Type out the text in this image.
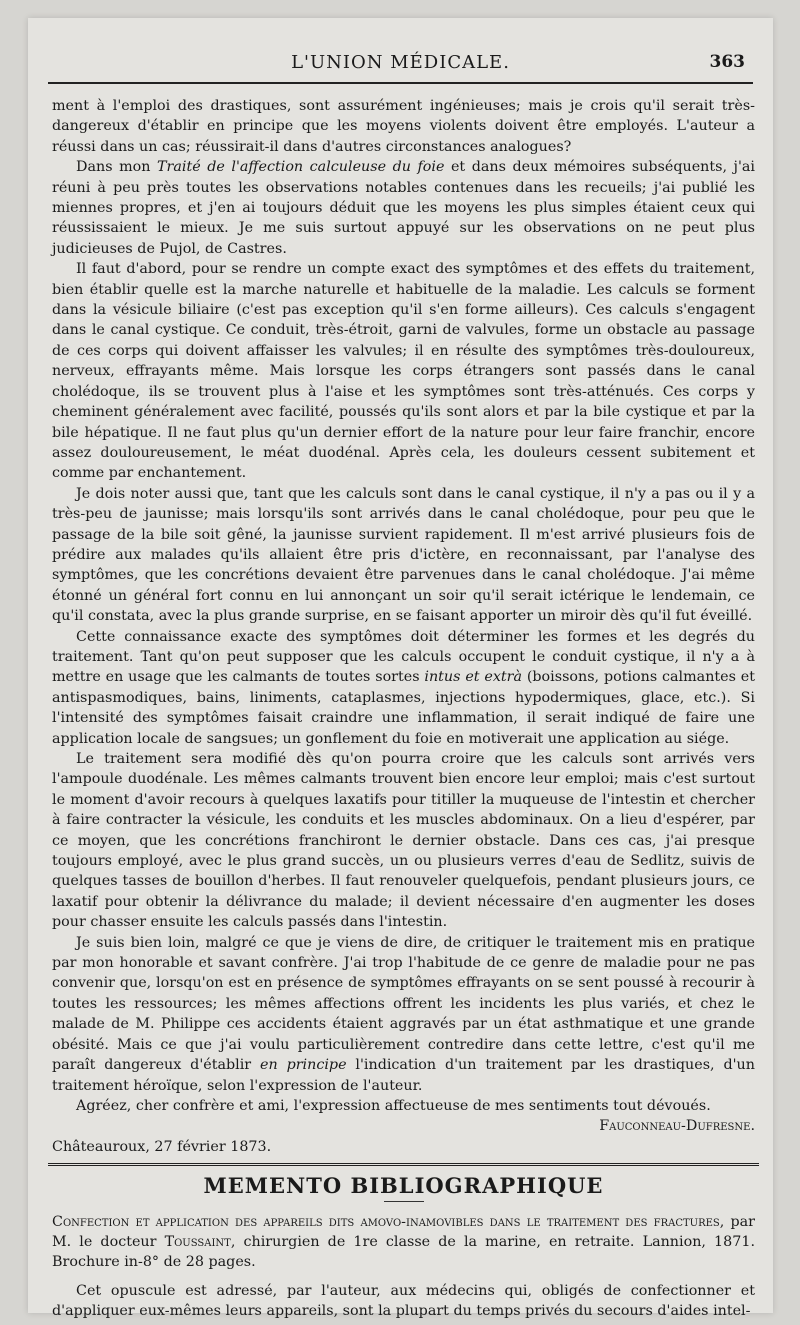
L'UNION MÉDICALE.	363

ment à l'emploi des drastiques, sont assurément ingénieuses; mais je crois qu'il serait très-dangereux d'établir en principe que les moyens violents doivent être employés. L'auteur a réussi dans un cas; réussirait-il dans d'autres circonstances analogues?

Dans mon Traité de l'affection calculeuse du foie et dans deux mémoires subséquents, j'ai réuni à peu près toutes les observations notables contenues dans les recueils; j'ai publié les miennes propres, et j'en ai toujours déduit que les moyens les plus simples étaient ceux qui réussissaient le mieux. Je me suis surtout appuyé sur les observations on ne peut plus judicieuses de Pujol, de Castres.

Il faut d'abord, pour se rendre un compte exact des symptômes et des effets du traitement, bien établir quelle est la marche naturelle et habituelle de la maladie. Les calculs se forment dans la vésicule biliaire (c'est pas exception qu'il s'en forme ailleurs). Ces calculs s'engagent dans le canal cystique. Ce conduit, très-étroit, garni de valvules, forme un obstacle au passage de ces corps qui doivent affaisser les valvules; il en résulte des symptômes très-douloureux, nerveux, effrayants même. Mais lorsque les corps étrangers sont passés dans le canal cholédoque, ils se trouvent plus à l'aise et les symptômes sont très-atténués. Ces corps y cheminent généralement avec facilité, poussés qu'ils sont alors et par la bile cystique et par la bile hépatique. Il ne faut plus qu'un dernier effort de la nature pour leur faire franchir, encore assez douloureusement, le méat duodénal. Après cela, les douleurs cessent subitement et comme par enchantement.

Je dois noter aussi que, tant que les calculs sont dans le canal cystique, il n'y a pas ou il y a très-peu de jaunisse; mais lorsqu'ils sont arrivés dans le canal cholédoque, pour peu que le passage de la bile soit gêné, la jaunisse survient rapidement. Il m'est arrivé plusieurs fois de prédire aux malades qu'ils allaient être pris d'ictère, en reconnaissant, par l'analyse des symptômes, que les concrétions devaient être parvenues dans le canal cholédoque. J'ai même étonné un général fort connu en lui annonçant un soir qu'il serait ictérique le lendemain, ce qu'il constata, avec la plus grande surprise, en se faisant apporter un miroir dès qu'il fut éveillé.

Cette connaissance exacte des symptômes doit déterminer les formes et les degrés du traitement. Tant qu'on peut supposer que les calculs occupent le conduit cystique, il n'y a à mettre en usage que les calmants de toutes sortes intus et extrà (boissons, potions calmantes et antispasmodiques, bains, liniments, cataplasmes, injections hypodermiques, glace, etc.). Si l'intensité des symptômes faisait craindre une inflammation, il serait indiqué de faire une application locale de sangsues; un gonflement du foie en motiverait une application au siége.

Le traitement sera modifié dès qu'on pourra croire que les calculs sont arrivés vers l'ampoule duodénale. Les mêmes calmants trouvent bien encore leur emploi; mais c'est surtout le moment d'avoir recours à quelques laxatifs pour titiller la muqueuse de l'intestin et chercher à faire contracter la vésicule, les conduits et les muscles abdominaux. On a lieu d'espérer, par ce moyen, que les concrétions franchiront le dernier obstacle. Dans ces cas, j'ai presque toujours employé, avec le plus grand succès, un ou plusieurs verres d'eau de Sedlitz, suivis de quelques tasses de bouillon d'herbes. Il faut renouveler quelquefois, pendant plusieurs jours, ce laxatif pour obtenir la délivrance du malade; il devient nécessaire d'en augmenter les doses pour chasser ensuite les calculs passés dans l'intestin.

Je suis bien loin, malgré ce que je viens de dire, de critiquer le traitement mis en pratique par mon honorable et savant confrère. J'ai trop l'habitude de ce genre de maladie pour ne pas convenir que, lorsqu'on est en présence de symptômes effrayants on se sent poussé à recourir à toutes les ressources; les mêmes affections offrent les incidents les plus variés, et chez le malade de M. Philippe ces accidents étaient aggravés par un état asthmatique et une grande obésité. Mais ce que j'ai voulu particulièrement contredire dans cette lettre, c'est qu'il me paraît dangereux d'établir en principe l'indication d'un traitement par les drastiques, d'un traitement héroïque, selon l'expression de l'auteur.

Agréez, cher confrère et ami, l'expression affectueuse de mes sentiments tout dévoués.

Fauconneau-Dufresne.

Châteauroux, 27 février 1873.

MEMENTO BIBLIOGRAPHIQUE

Confection et application des appareils dits amovo-inamovibles dans le traitement des fractures, par M. le docteur Toussaint, chirurgien de 1re classe de la marine, en retraite. Lannion, 1871. Brochure in-8° de 28 pages.

Cet opuscule est adressé, par l'auteur, aux médecins qui, obligés de confectionner et d'appliquer eux-mêmes leurs appareils, sont la plupart du temps privés du secours d'aides intel-
